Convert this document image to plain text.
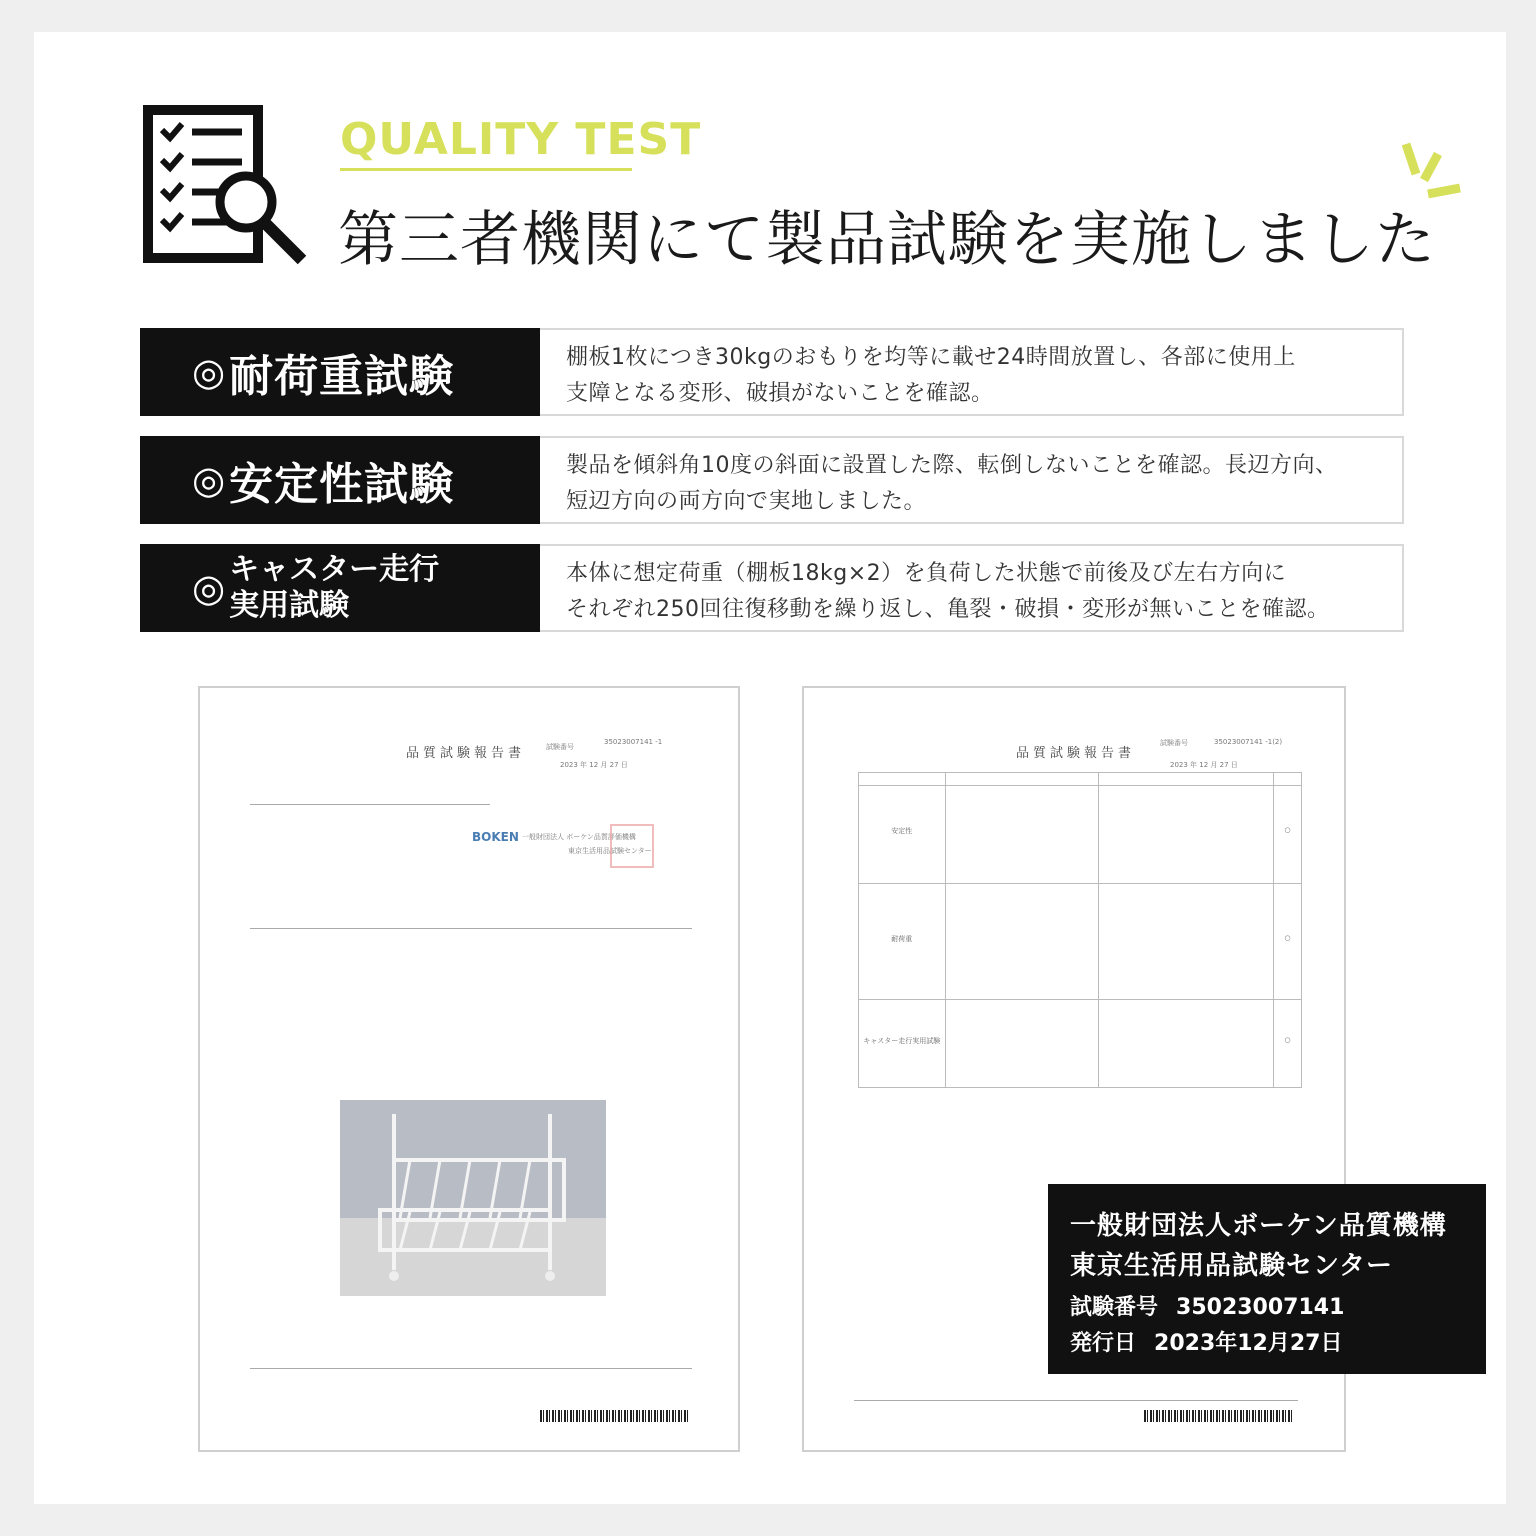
QUALITY TEST
第三者機関にて製品試験を実施しました
◎ 耐荷重試験	棚板1枚につき30kgのおもりを均等に載せ24時間放置し、各部に使用上
支障となる変形、破損がないことを確認。
◎ 安定性試験	製品を傾斜角10度の斜面に設置した際、転倒しないことを確認。長辺方向、
短辺方向の両方向で実地しました。
◎ キャスター走行
実用試験
本体に想定荷重（棚板18kg×2）を負荷した状態で前後及び左右方向に
それぞれ250回往復移動を繰り返し、亀裂・破損・変形が無いことを確認。
品質試験報告書	試験番号
35023007141 -1
2023 年 12 月 27 日
BOKEN 一般財団法人 ボーケン品質評価機構
東京生活用品試験センター
品質試験報告書
試験番号	35023007141 -1(2)
2023 年 12 月 27 日
安定性	○
耐荷重	○
キャスター走行実用試験	○
一般財団法人ボーケン品質機構
東京生活用品試験センター
試験番号 35023007141
発行日 2023年12月27日
